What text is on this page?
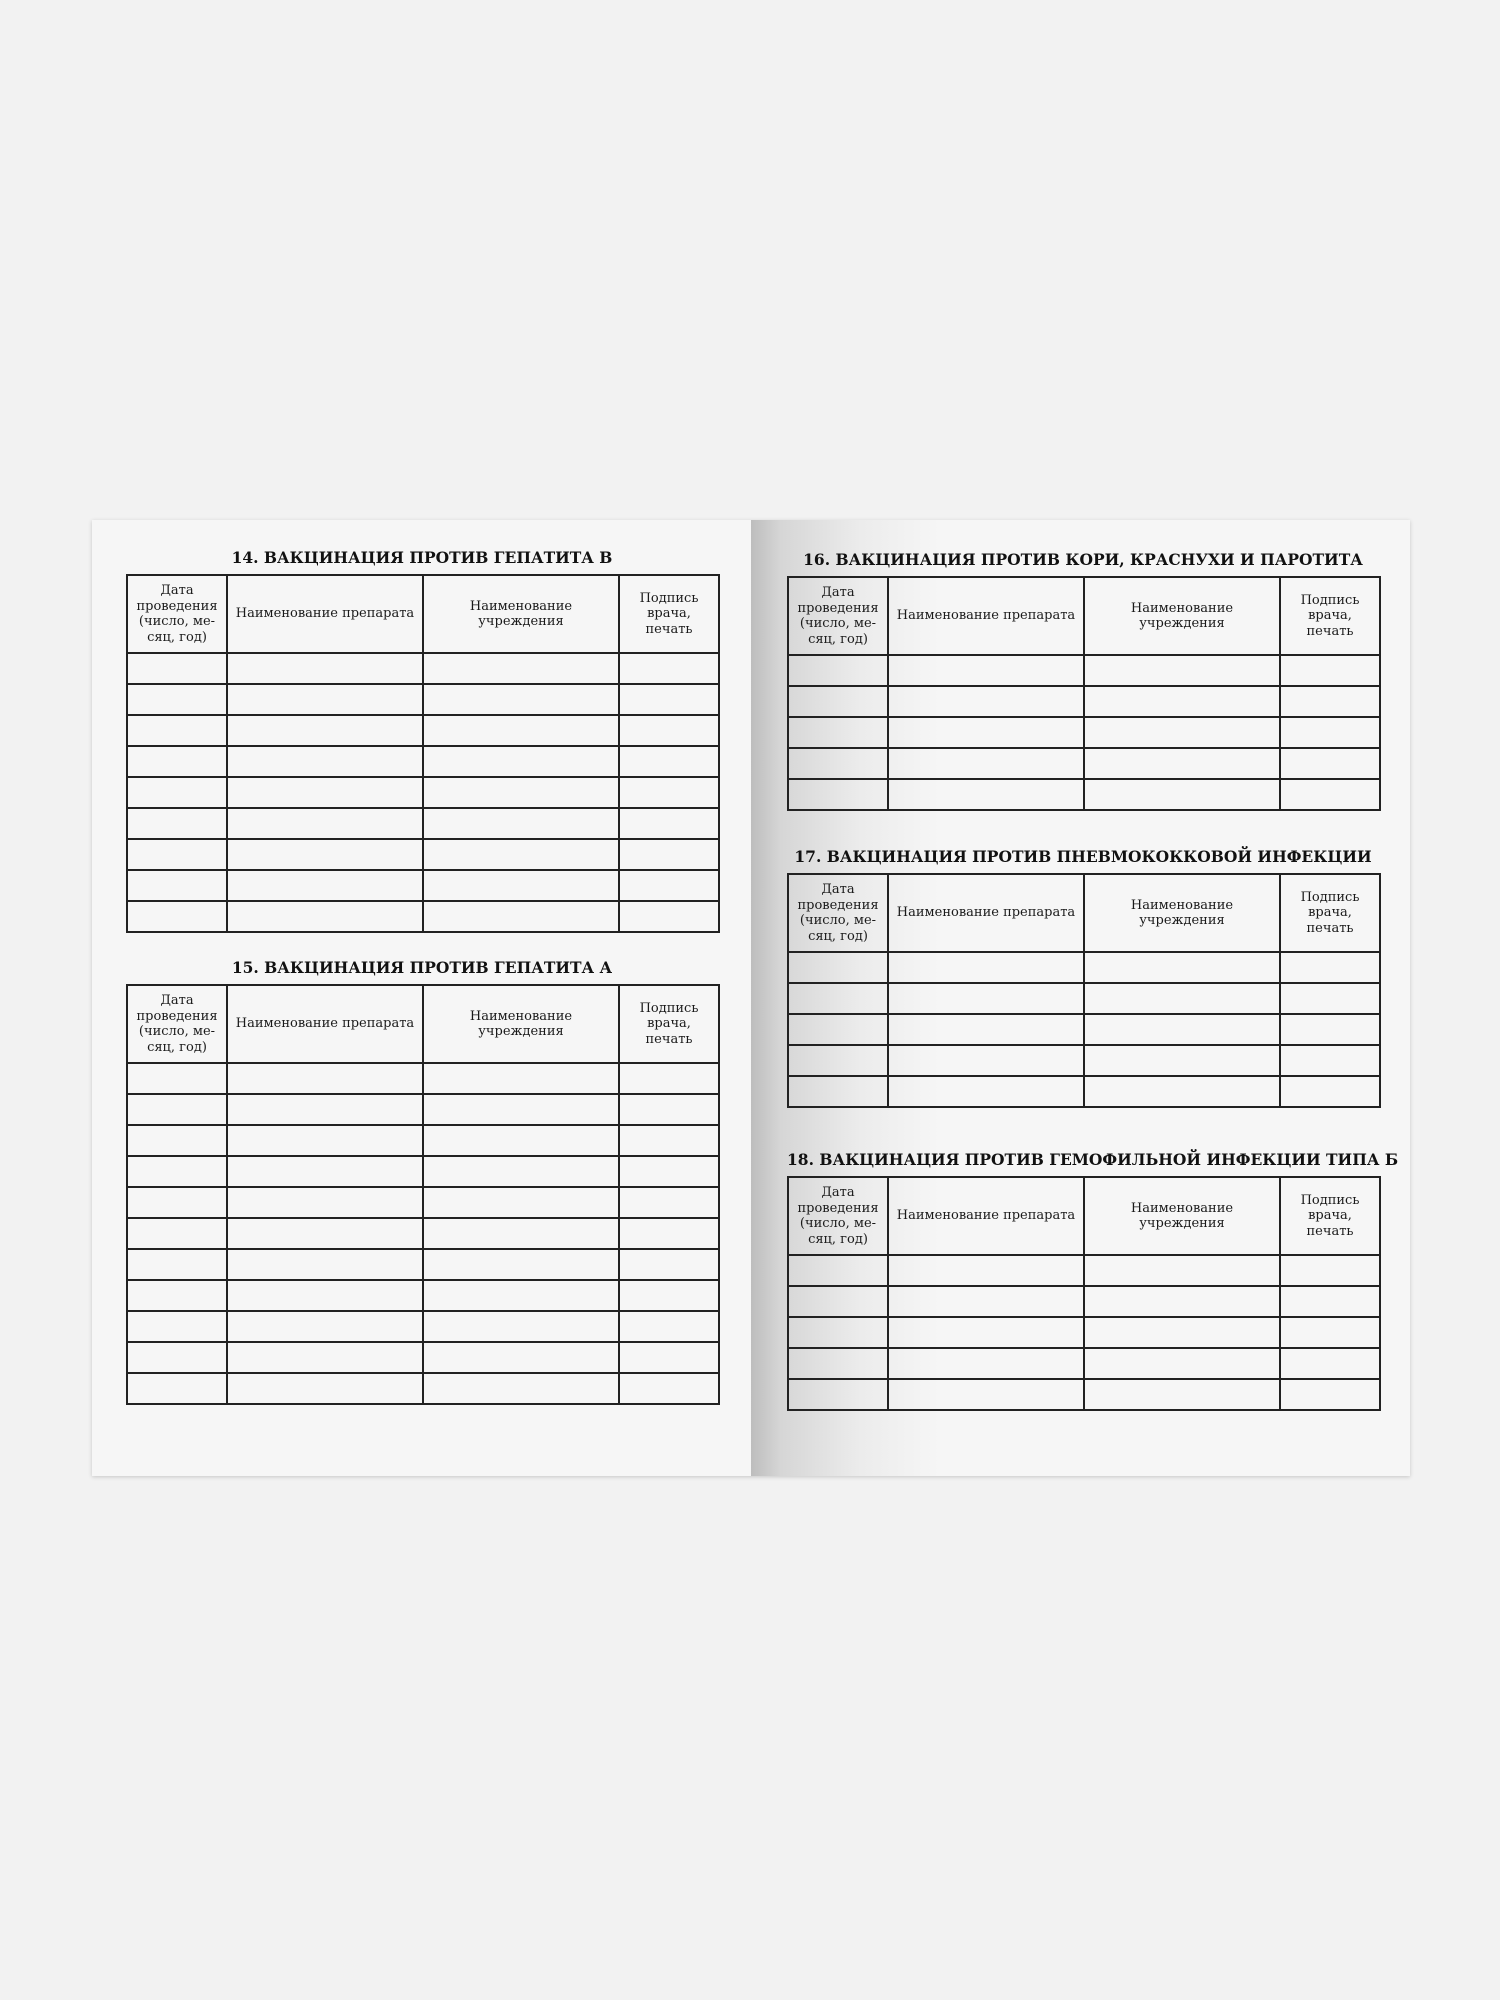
14. ВАКЦИНАЦИЯ ПРОТИВ ГЕПАТИТА В
Дата проведения (число, ме-сяц, год)	Наименование препарата	Наименование учреждения	Подпись врача, печать

15. ВАКЦИНАЦИЯ ПРОТИВ ГЕПАТИТА А
Дата проведения (число, ме-сяц, год)	Наименование препарата	Наименование учреждения	Подпись врача, печать

16. ВАКЦИНАЦИЯ ПРОТИВ КОРИ, КРАСНУХИ И ПАРОТИТА
Дата проведения (число, ме-сяц, год)	Наименование препарата	Наименование учреждения	Подпись врача, печать

17. ВАКЦИНАЦИЯ ПРОТИВ ПНЕВМОКОККОВОЙ ИНФЕКЦИИ
Дата проведения (число, ме-сяц, год)	Наименование препарата	Наименование учреждения	Подпись врача, печать

18. ВАКЦИНАЦИЯ ПРОТИВ ГЕМОФИЛЬНОЙ ИНФЕКЦИИ ТИПА Б
Дата проведения (число, ме-сяц, год)	Наименование препарата	Наименование учреждения	Подпись врача, печать
